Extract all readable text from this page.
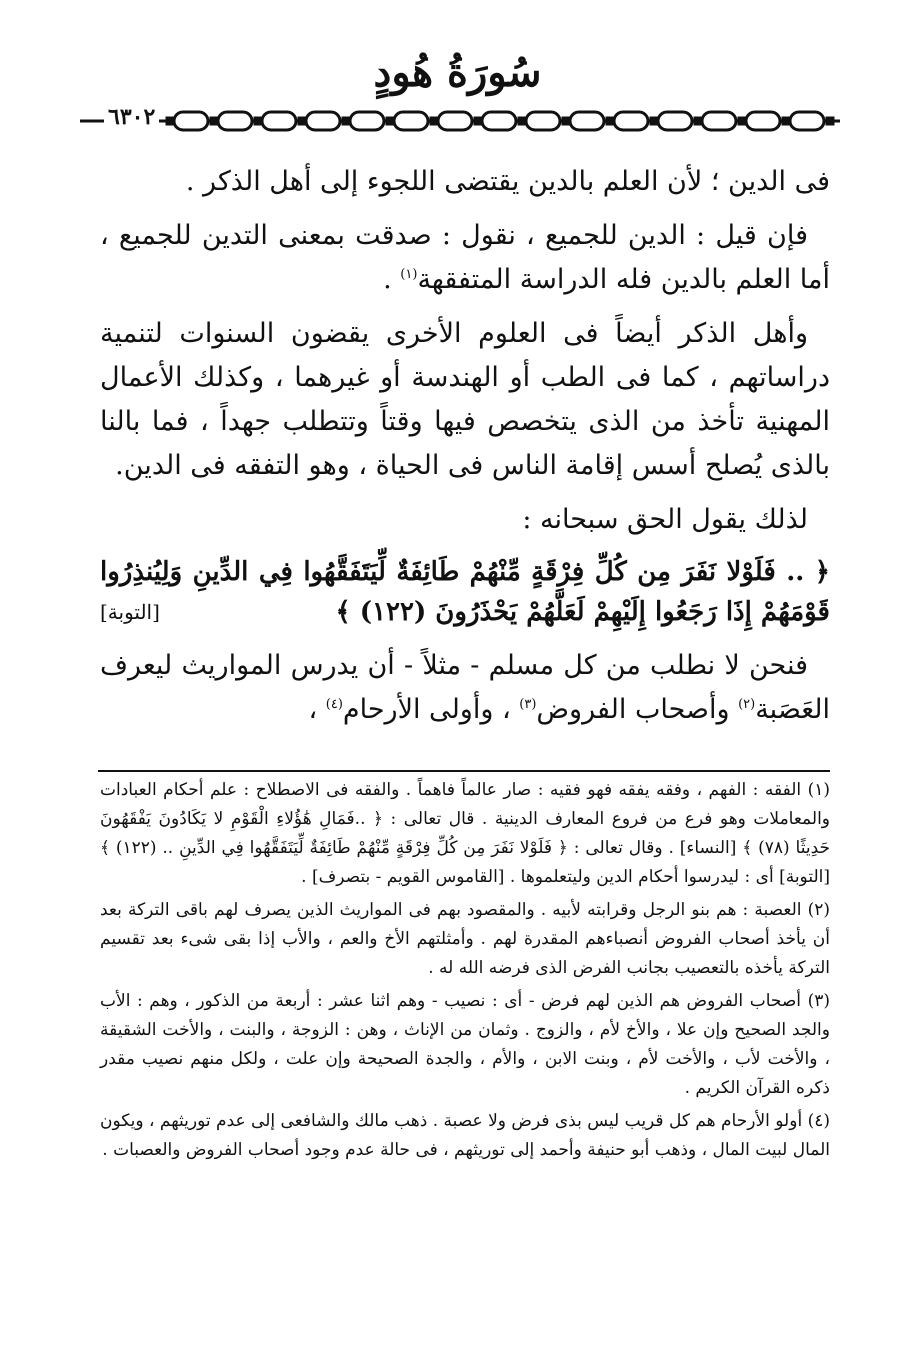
سُورَةُ هُودٍ
٦٣٠٢

فى الدين ؛ لأن العلم بالدين يقتضى اللجوء إلى أهل الذكر .

فإن قيل : الدين للجميع ، نقول : صدقت بمعنى التدين للجميع ، أما العلم بالدين فله الدراسة المتفقهة$^{(١)}$ .

وأهل الذكر أيضاً فى العلوم الأخرى يقضون السنوات لتنمية دراساتهم ، كما فى الطب أو الهندسة أو غيرهما ، وكذلك الأعمال المهنية تأخذ من الذى يتخصص فيها وقتاً وتتطلب جهداً ، فما بالنا بالذى يُصلح أسس إقامة الناس فى الحياة ، وهو التفقه فى الدين.

لذلك يقول الحق سبحانه :

﴿ .. فَلَوْلا نَفَرَ مِن كُلِّ فِرْقَةٍ مِّنْهُمْ طَائِفَةٌ لِّيَتَفَقَّهُوا فِي الدِّينِ وَلِيُنذِرُوا قَوْمَهُمْ إِذَا رَجَعُوا إِلَيْهِمْ لَعَلَّهُمْ يَحْذَرُونَ (١٢٢) ﴾
[التوبة]

فنحن لا نطلب من كل مسلم - مثلاً - أن يدرس المواريث ليعرف العَصَبة$^{(٢)}$ وأصحاب الفروض$^{(٣)}$ ، وأولى الأرحام$^{(٤)}$ ،

(١) الفقه : الفهم ، وفقه يفقه فهو فقيه : صار عالماً فاهماً . والفقه فى الاصطلاح : علم أحكام العبادات والمعاملات وهو فرع من فروع المعارف الدينية . قال تعالى : ﴿ ..فَمَالِ هَٰؤُلاءِ الْقَوْمِ لا يَكَادُونَ يَفْقَهُونَ حَدِيثًا (٧٨) ﴾ [النساء] . وقال تعالى : ﴿ فَلَوْلا نَفَرَ مِن كُلِّ فِرْقَةٍ مِّنْهُمْ طَائِفَةٌ لِّيَتَفَقَّهُوا فِي الدِّينِ .. (١٢٢) ﴾ [التوبة] أى : ليدرسوا أحكام الدين وليتعلموها . [القاموس القويم - بتصرف] .

(٢) العصبة : هم بنو الرجل وقرابته لأبيه . والمقصود بهم فى المواريث الذين يصرف لهم باقى التركة بعد أن يأخذ أصحاب الفروض أنصباءهم المقدرة لهم . وأمثلتهم الأخ والعم ، والأب إذا بقى شىء بعد تقسيم التركة يأخذه بالتعصيب بجانب الفرض الذى فرضه الله له .

(٣) أصحاب الفروض هم الذين لهم فرض - أى : نصيب - وهم اثنا عشر : أربعة من الذكور ، وهم : الأب والجد الصحيح وإن علا ، والأخ لأم ، والزوج . وثمان من الإناث ، وهن : الزوجة ، والبنت ، والأخت الشقيقة ، والأخت لأب ، والأخت لأم ، وبنت الابن ، والأم ، والجدة الصحيحة وإن علت ، ولكل منهم نصيب مقدر ذكره القرآن الكريم .

(٤) أولو الأرحام هم كل قريب ليس بذى فرض ولا عصبة . ذهب مالك والشافعى إلى عدم توريثهم ، ويكون المال لبيت المال ، وذهب أبو حنيفة وأحمد إلى توريثهم ، فى حالة عدم وجود أصحاب الفروض والعصبات .
